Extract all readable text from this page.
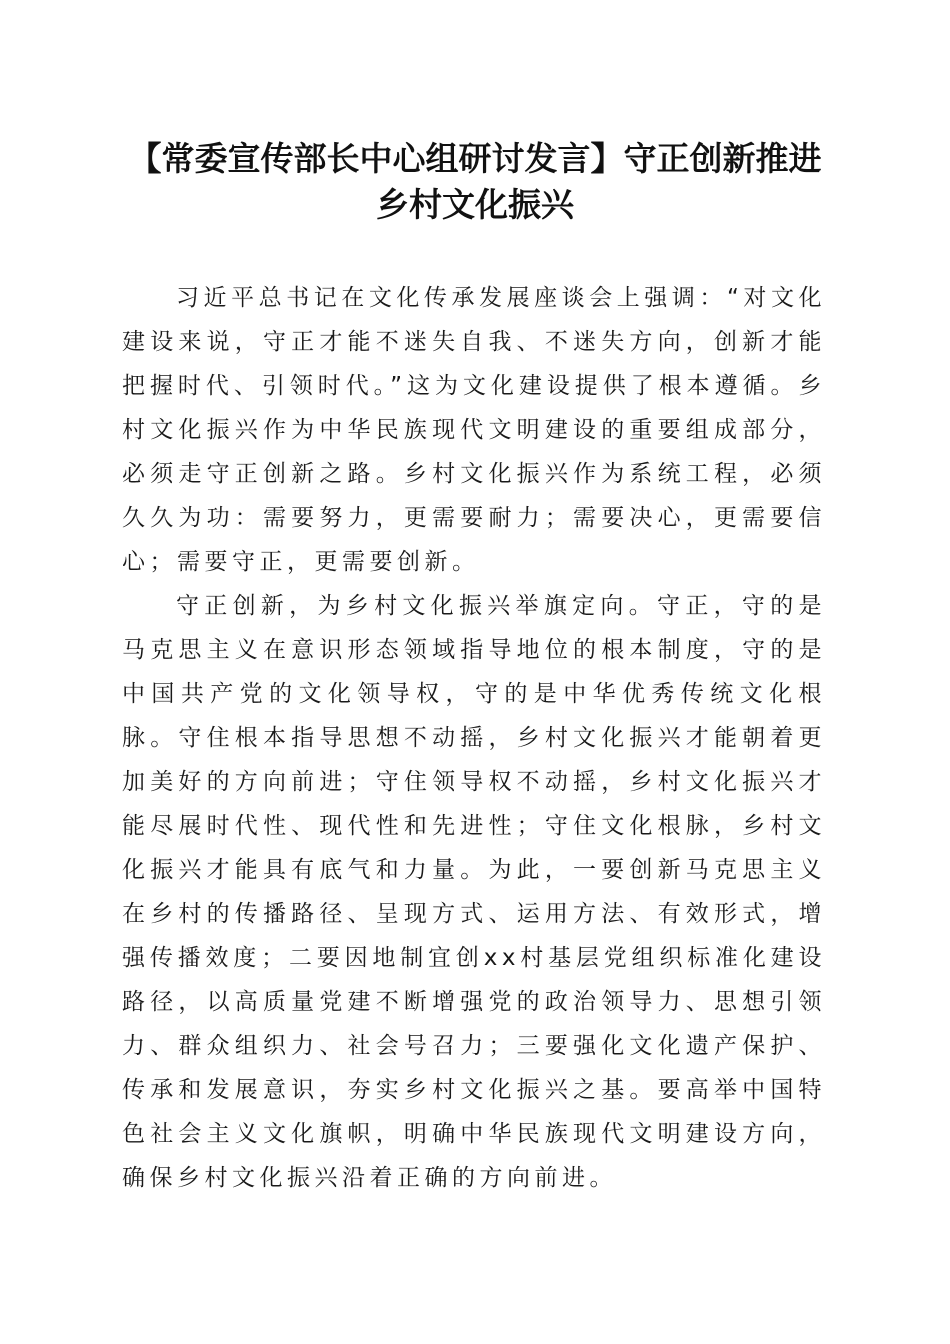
【常委宣传部长中心组研讨发言】守正创新推进乡村文化振兴

习近平总书记在文化传承发展座谈会上强调：“对文化建设来说，守正才能不迷失自我、不迷失方向，创新才能把握时代、引领时代。”这为文化建设提供了根本遵循。乡村文化振兴作为中华民族现代文明建设的重要组成部分，必须走守正创新之路。乡村文化振兴作为系统工程，必须久久为功：需要努力，更需要耐力；需要决心，更需要信心；需要守正，更需要创新。

守正创新，为乡村文化振兴举旗定向。守正，守的是马克思主义在意识形态领域指导地位的根本制度，守的是中国共产党的文化领导权，守的是中华优秀传统文化根脉。守住根本指导思想不动摇，乡村文化振兴才能朝着更加美好的方向前进；守住领导权不动摇，乡村文化振兴才能尽展时代性、现代性和先进性；守住文化根脉，乡村文化振兴才能具有底气和力量。为此，一要创新马克思主义在乡村的传播路径、呈现方式、运用方法、有效形式，增强传播效度；二要因地制宜创xx村基层党组织标准化建设路径，以高质量党建不断增强党的政治领导力、思想引领力、群众组织力、社会号召力；三要强化文化遗产保护、传承和发展意识，夯实乡村文化振兴之基。要高举中国特色社会主义文化旗帜，明确中华民族现代文明建设方向，确保乡村文化振兴沿着正确的方向前进。
